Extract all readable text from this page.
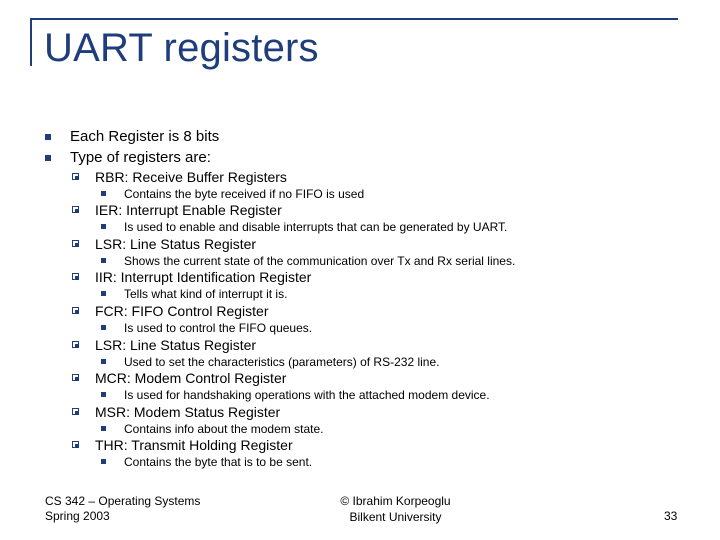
UART registers
Each Register is 8 bits
Type of registers are:
RBR: Receive Buffer Registers
Contains the byte received if no FIFO is used
IER: Interrupt Enable Register
Is used to enable and disable interrupts that can be generated by UART.
LSR: Line Status Register
Shows the current state of the communication over Tx and Rx serial lines.
IIR: Interrupt Identification Register
Tells what kind of interrupt it is.
FCR: FIFO Control Register
Is used to control the FIFO queues.
LSR: Line Status Register
Used to set the characteristics (parameters) of RS-232 line.
MCR: Modem Control Register
Is used for handshaking operations with the attached modem device.
MSR: Modem Status Register
Contains info about the modem state.
THR: Transmit Holding Register
Contains the byte that is to be sent.
CS 342 – Operating Systems
Spring 2003
© Ibrahim Korpeoglu
Bilkent University	33
